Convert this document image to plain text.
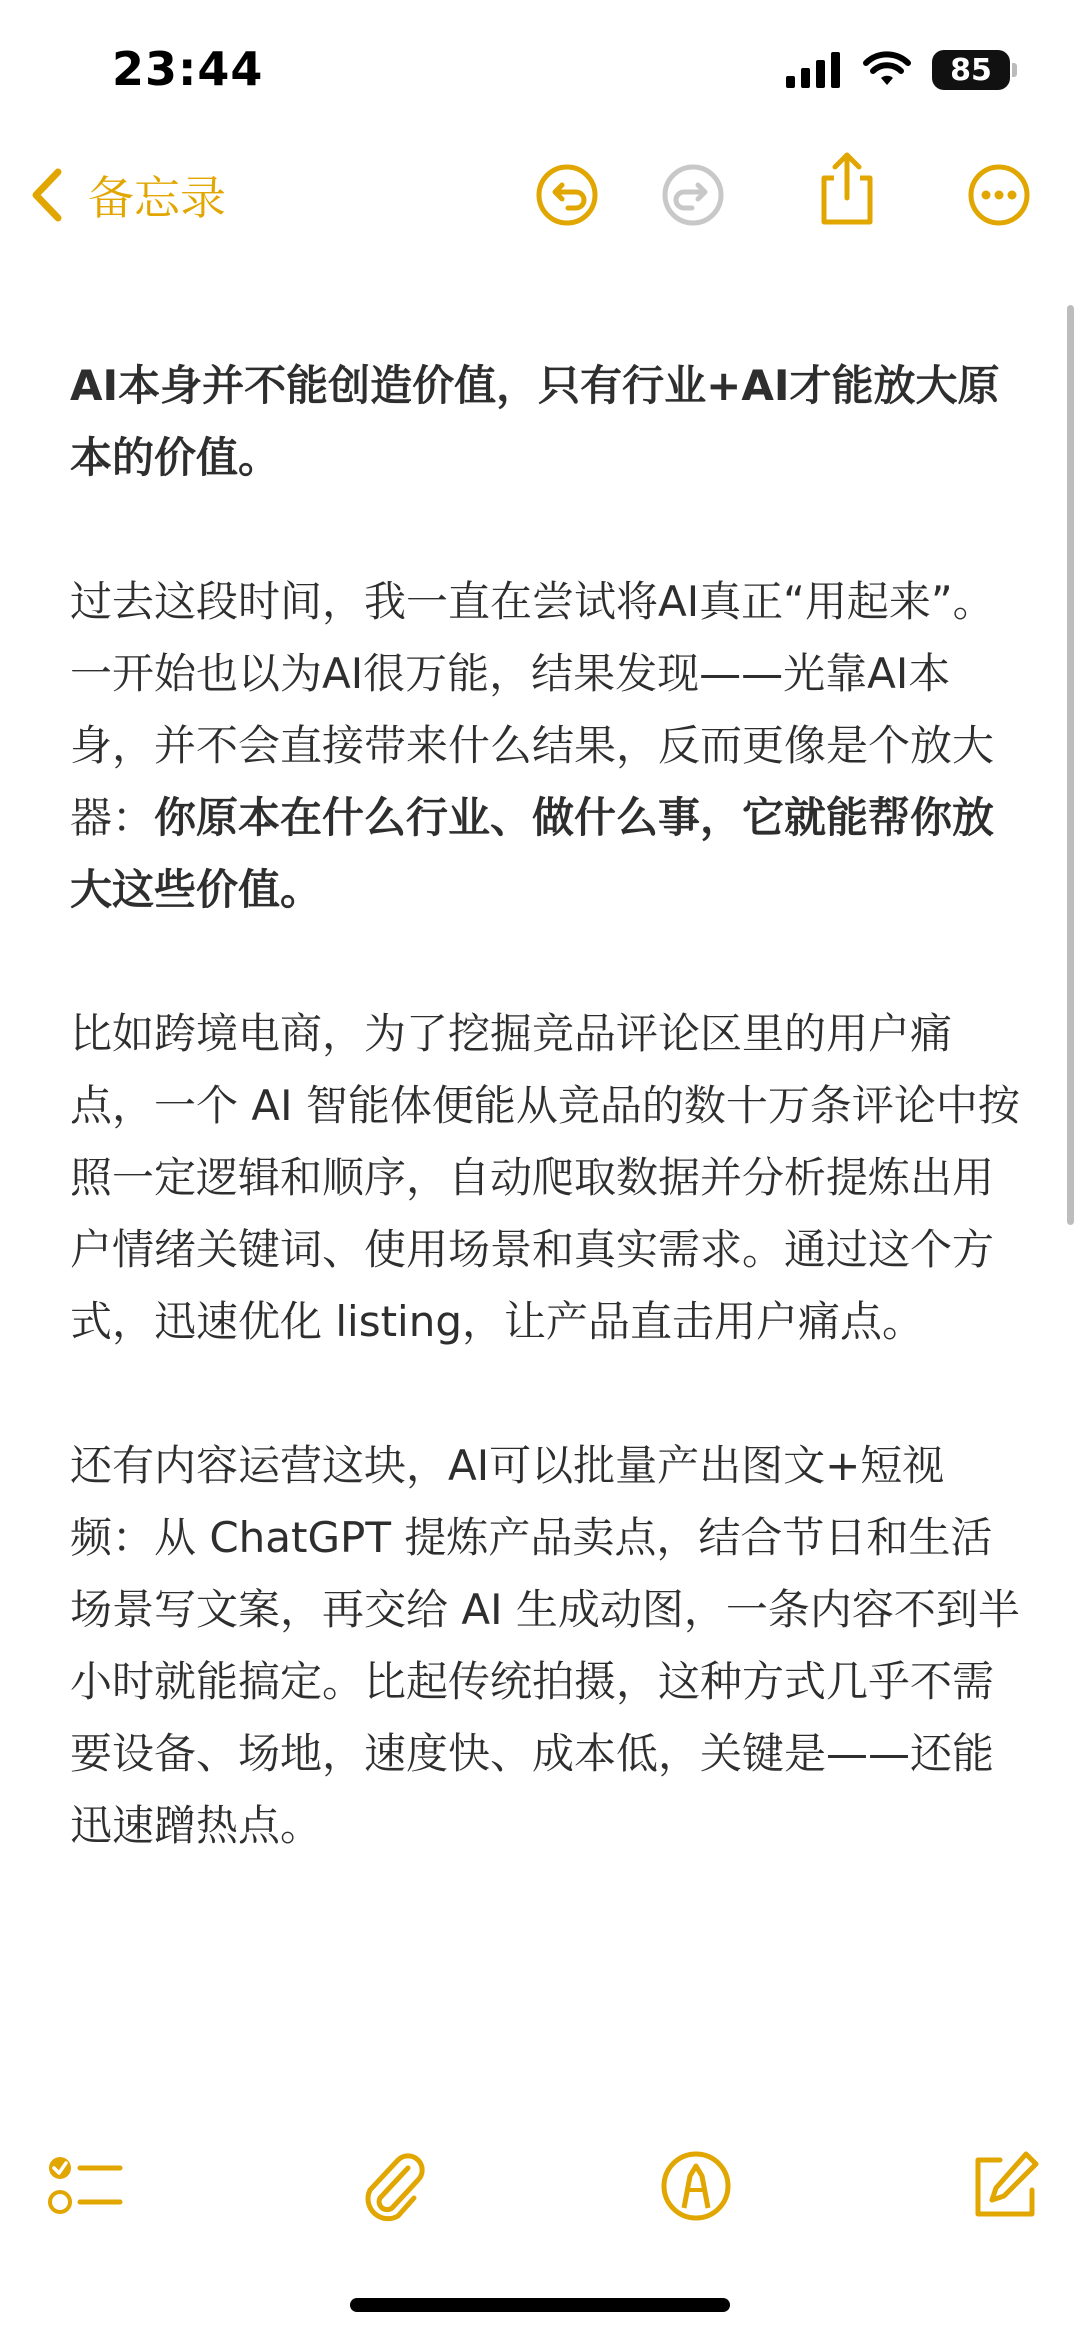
23:44	85
备忘录

AI本身并不能创造价值，只有行业+AI才能放大原本的价值。

过去这段时间，我一直在尝试将AI真正“用起来”。一开始也以为AI很万能，结果发现——光靠AI本身，并不会直接带来什么结果，反而更像是个放大器：你原本在什么行业、做什么事，它就能帮你放大这些价值。

比如跨境电商，为了挖掘竞品评论区里的用户痛点，一个 AI 智能体便能从竞品的数十万条评论中按照一定逻辑和顺序，自动爬取数据并分析提炼出用户情绪关键词、使用场景和真实需求。通过这个方式，迅速优化 listing，让产品直击用户痛点。

还有内容运营这块，AI可以批量产出图文+短视频：从 ChatGPT 提炼产品卖点，结合节日和生活场景写文案，再交给 AI 生成动图，一条内容不到半小时就能搞定。比起传统拍摄，这种方式几乎不需要设备、场地，速度快、成本低，关键是——还能迅速蹭热点。
